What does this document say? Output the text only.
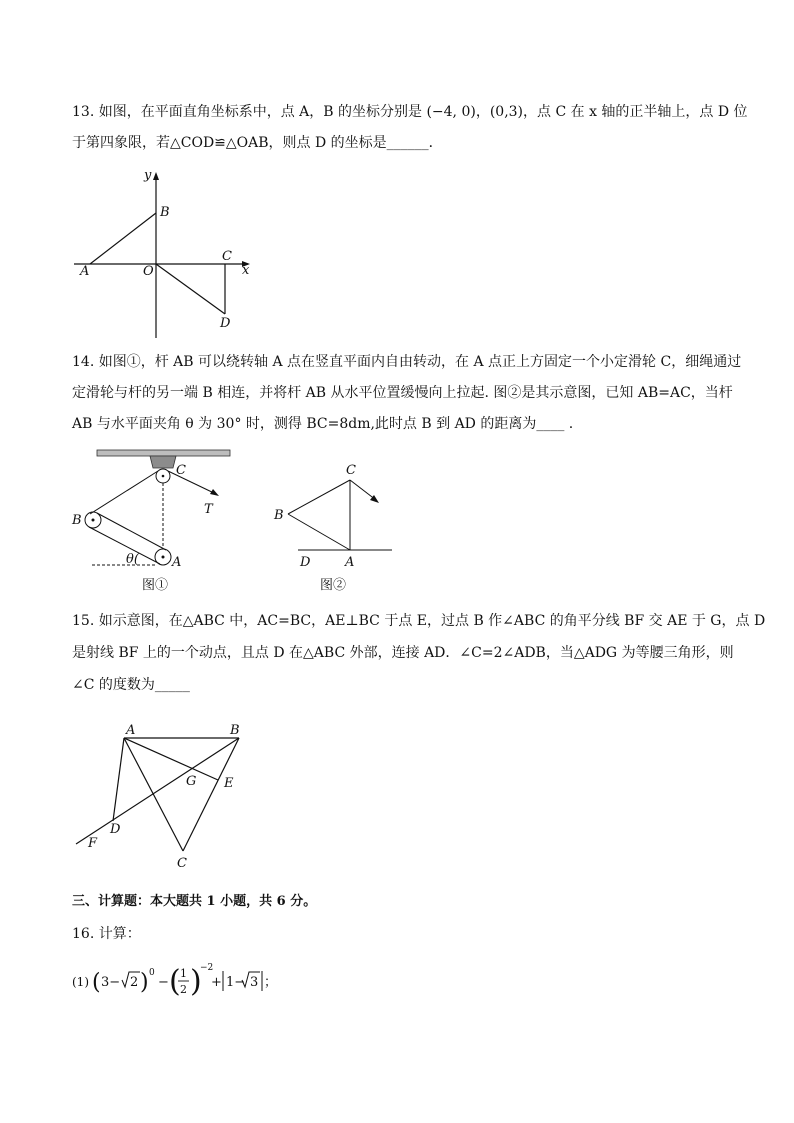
13. 如图，在平面直角坐标系中，点 A，B 的坐标分别是 (−4, 0)，(0,3)，点 C 在 x 轴的正半轴上，点 D 位
于第四象限，若△COD≌△OAB，则点 D 的坐标是______．
y
x
B
A	O
C
D
14. 如图①，杆 AB 可以绕转轴 A 点在竖直平面内自由转动，在 A 点正上方固定一个小定滑轮 C，细绳通过
定滑轮与杆的另一端 B 相连，并将杆 AB 从水平位置缓慢向上拉起. 图②是其示意图，已知 AB=AC，当杆
AB 与水平面夹角 θ 为 30° 时，测得 BC=8dm,此时点 B 到 AD 的距离为____ .
C
T
B
A
θ(
图①
C
B
D	A
图②
15. 如示意图，在△ABC 中，AC=BC，AE⊥BC 于点 E，过点 B 作∠ABC 的角平分线 BF 交 AE 于 G，点 D
是射线 BF 上的一个动点，且点 D 在△ABC 外部，连接 AD．∠C=2∠ADB，当△ADG 为等腰三角形，则
∠C 的度数为_____
A	B
G E
D
F
C
三、计算题：本大题共 1 小题，共 6 分。
16. 计算：
(1) ( 3− 2 ) 0
− ( 1
2 )
−2
+ 1− 3 ；
